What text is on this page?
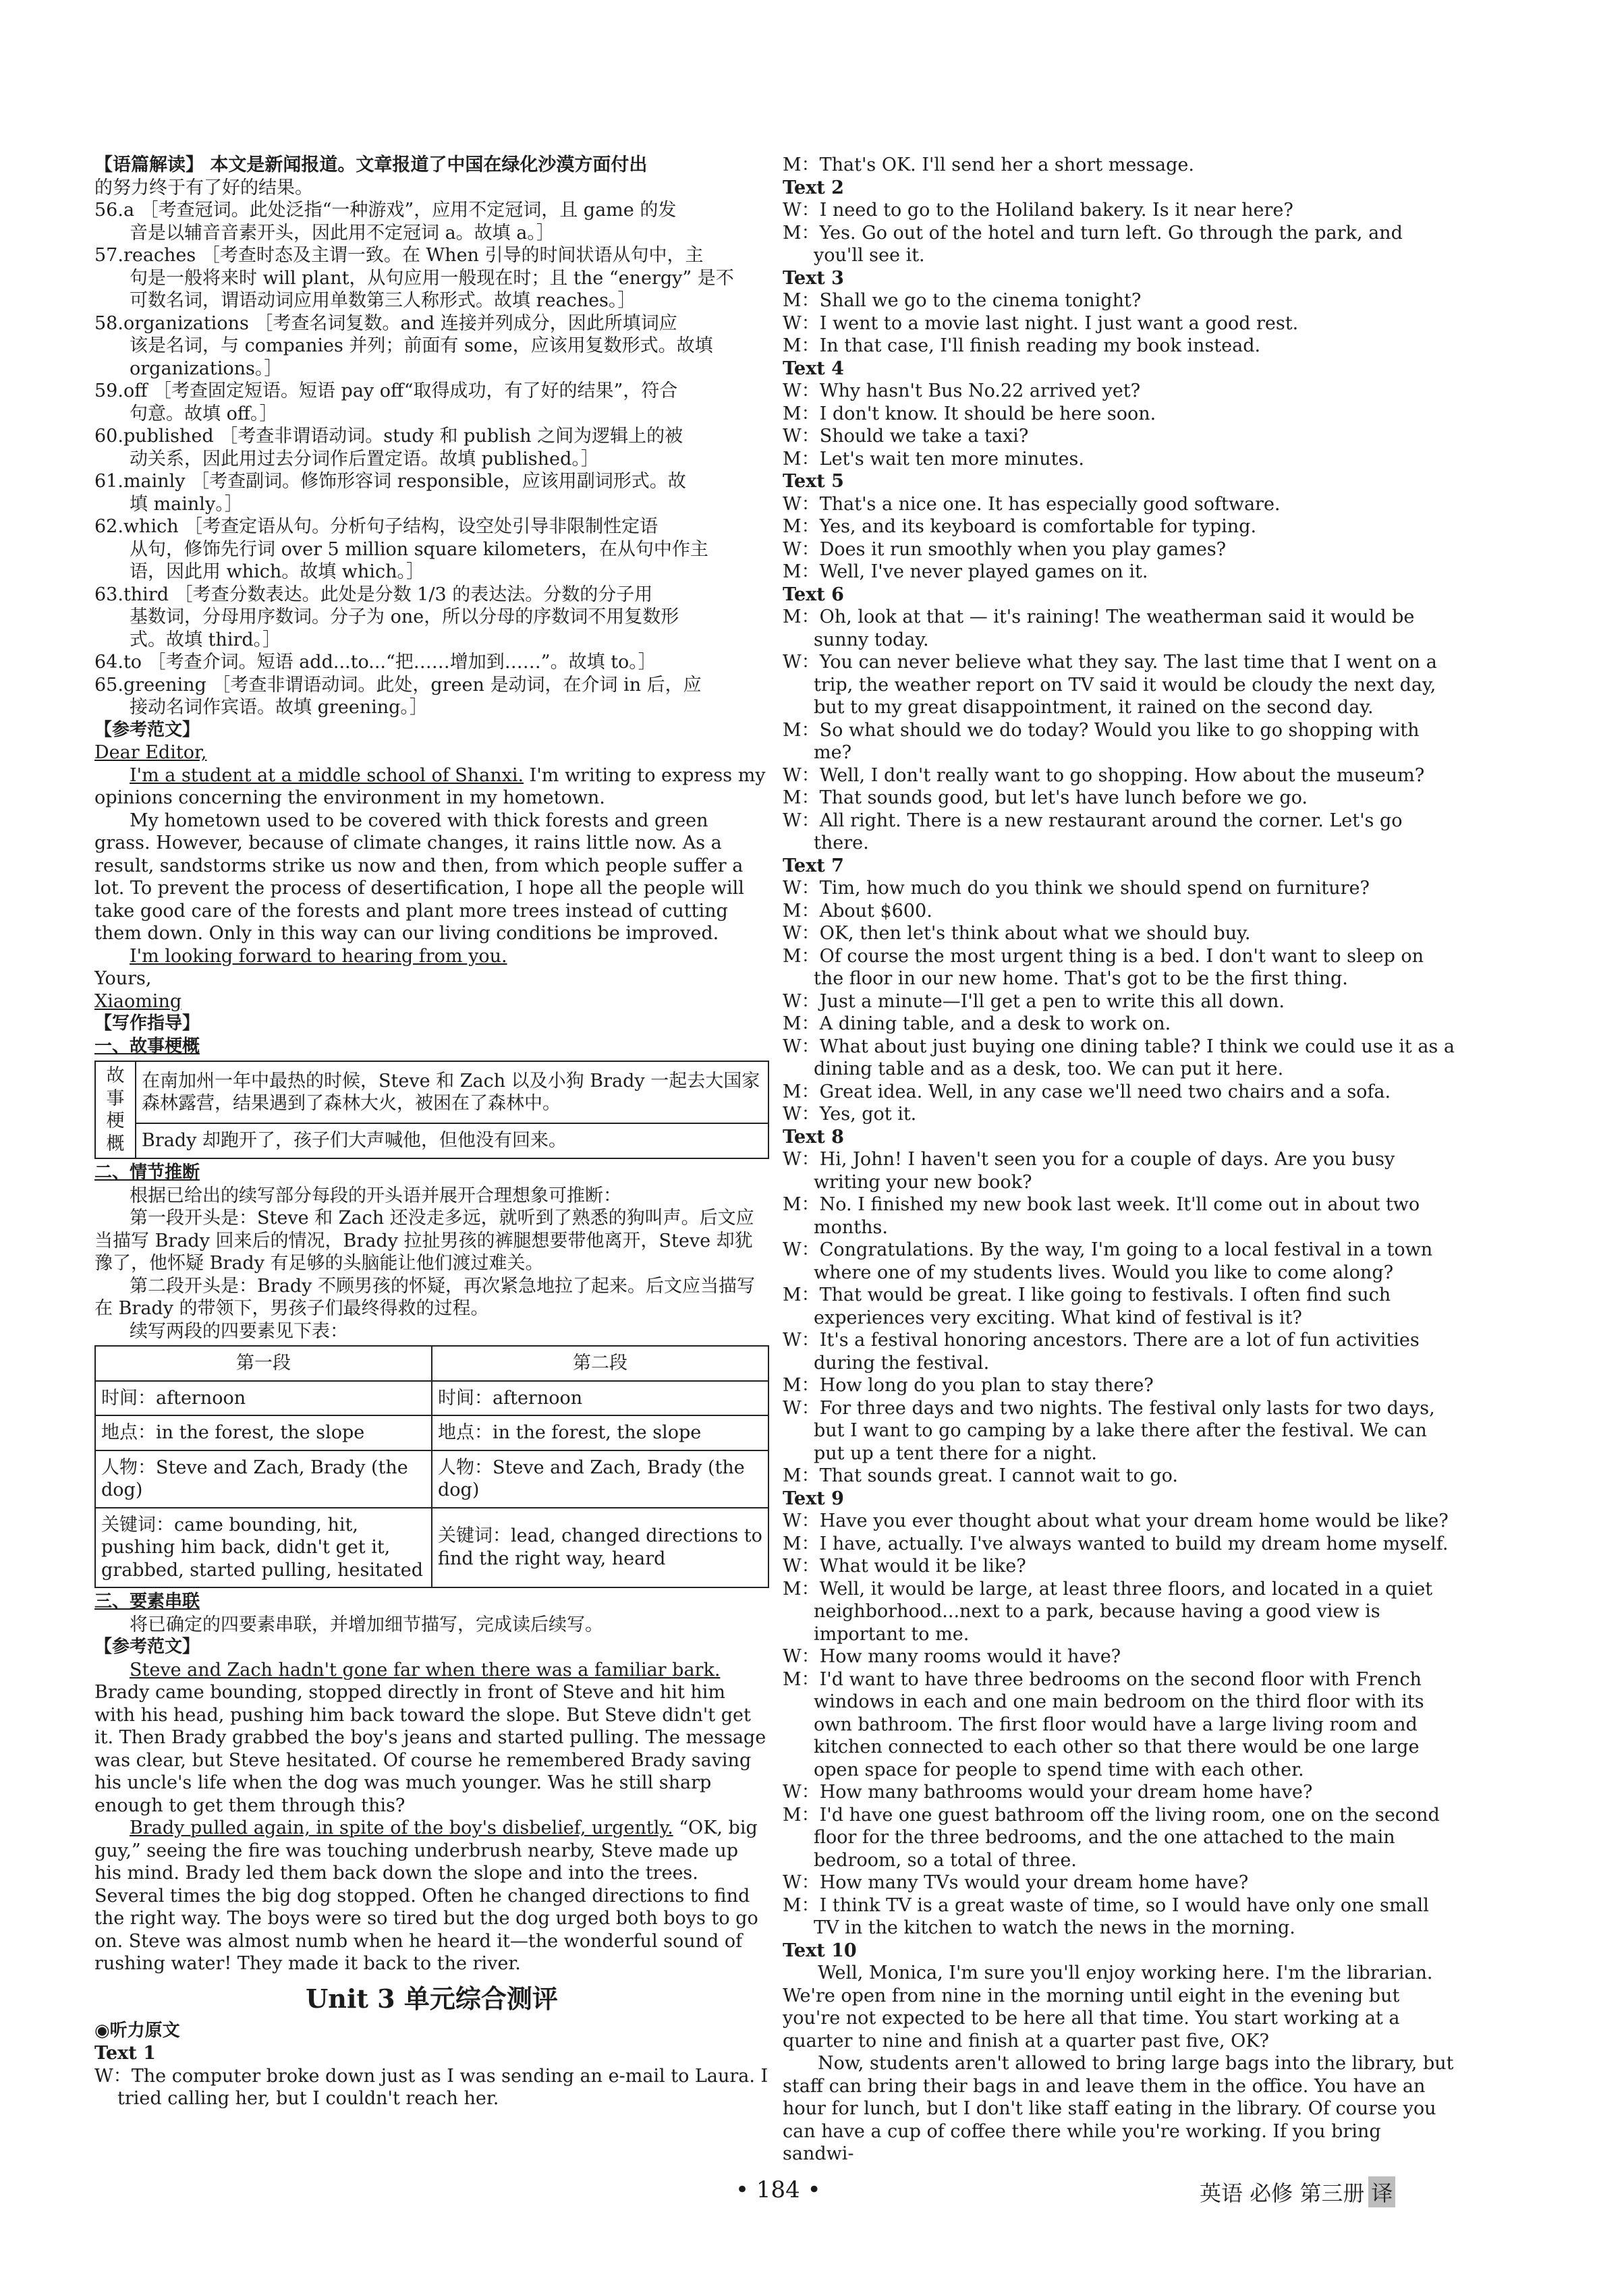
【语篇解读】 本文是新闻报道。文章报道了中国在绿化沙漠方面付出

的努力终于有了好的结果。

56.a ［考查冠词。此处泛指“一种游戏”，应用不定冠词，且 game 的发

音是以辅音音素开头，因此用不定冠词 a。故填 a。］

57.reaches ［考查时态及主谓一致。在 When 引导的时间状语从句中，主

句是一般将来时 will plant，从句应用一般现在时；且 the “energy” 是不

可数名词，谓语动词应用单数第三人称形式。故填 reaches。］

58.organizations ［考查名词复数。and 连接并列成分，因此所填词应

该是名词，与 companies 并列；前面有 some，应该用复数形式。故填

organizations。］

59.off ［考查固定短语。短语 pay off“取得成功，有了好的结果”，符合

句意。故填 off。］

60.published ［考查非谓语动词。study 和 publish 之间为逻辑上的被

动关系，因此用过去分词作后置定语。故填 published。］

61.mainly ［考查副词。修饰形容词 responsible，应该用副词形式。故

填 mainly。］

62.which ［考查定语从句。分析句子结构，设空处引导非限制性定语

从句，修饰先行词 over 5 million square kilometers，在从句中作主

语，因此用 which。故填 which。］

63.third ［考查分数表达。此处是分数 1/3 的表达法。分数的分子用

基数词，分母用序数词。分子为 one，所以分母的序数词不用复数形

式。故填 third。］

64.to ［考查介词。短语 add...to...“把……增加到……”。故填 to。］

65.greening ［考查非谓语动词。此处，green 是动词，在介词 in 后，应

接动名词作宾语。故填 greening。］

【参考范文】

Dear Editor,

I'm a student at a middle school of Shanxi. I'm writing to express my opinions concerning the environment in my hometown.

My hometown used to be covered with thick forests and green grass. However, because of climate changes, it rains little now. As a result, sandstorms strike us now and then, from which people suffer a lot. To prevent the process of desertification, I hope all the people will take good care of the forests and plant more trees instead of cutting them down. Only in this way can our living conditions be improved.

I'm looking forward to hearing from you.

Yours,

Xiaoming

【写作指导】

一、故事梗概

故事梗概	在南加州一年中最热的时候，Steve 和 Zach 以及小狗 Brady 一起去大国家森林露营，结果遇到了森林大火，被困在了森林中。
Brady 却跑开了，孩子们大声喊他，但他没有回来。

二、情节推断

根据已给出的续写部分每段的开头语并展开合理想象可推断：

第一段开头是：Steve 和 Zach 还没走多远，就听到了熟悉的狗叫声。后文应当描写 Brady 回来后的情况，Brady 拉扯男孩的裤腿想要带他离开，Steve 却犹豫了，他怀疑 Brady 有足够的头脑能让他们渡过难关。

第二段开头是：Brady 不顾男孩的怀疑，再次紧急地拉了起来。后文应当描写在 Brady 的带领下，男孩子们最终得救的过程。

续写两段的四要素见下表：

第一段	第二段
时间：afternoon	时间：afternoon
地点：in the forest, the slope	地点：in the forest, the slope
人物：Steve and Zach, Brady (the dog)	人物：Steve and Zach, Brady (the dog)
关键词：came bounding, hit, pushing him back, didn't get it, grabbed, started pulling, hesitated	关键词：lead, changed directions to find the right way, heard

三、要素串联

将已确定的四要素串联，并增加细节描写，完成读后续写。

【参考范文】

Steve and Zach hadn't gone far when there was a familiar bark. Brady came bounding, stopped directly in front of Steve and hit him with his head, pushing him back toward the slope. But Steve didn't get it. Then Brady grabbed the boy's jeans and started pulling. The message was clear, but Steve hesitated. Of course he remembered Brady saving his uncle's life when the dog was much younger. Was he still sharp enough to get them through this?

Brady pulled again, in spite of the boy's disbelief, urgently. “OK, big guy,” seeing the fire was touching underbrush nearby, Steve made up his mind. Brady led them back down the slope and into the trees. Several times the big dog stopped. Often he changed directions to find the right way. The boys were so tired but the dog urged both boys to go on. Steve was almost numb when he heard it—the wonderful sound of rushing water! They made it back to the river.

Unit 3 单元综合测评

◉听力原文

Text 1

W：The computer broke down just as I was sending an e-mail to Laura. I tried calling her, but I couldn't reach her.

M：That's OK. I'll send her a short message.

Text 2

W：I need to go to the Holiland bakery. Is it near here?

M：Yes. Go out of the hotel and turn left. Go through the park, and you'll see it.

Text 3

M：Shall we go to the cinema tonight?

W：I went to a movie last night. I just want a good rest.

M：In that case, I'll finish reading my book instead.

Text 4

W：Why hasn't Bus No.22 arrived yet?

M：I don't know. It should be here soon.

W：Should we take a taxi?

M：Let's wait ten more minutes.

Text 5

W：That's a nice one. It has especially good software.

M：Yes, and its keyboard is comfortable for typing.

W：Does it run smoothly when you play games?

M：Well, I've never played games on it.

Text 6

M：Oh, look at that — it's raining! The weatherman said it would be sunny today.

W：You can never believe what they say. The last time that I went on a trip, the weather report on TV said it would be cloudy the next day, but to my great disappointment, it rained on the second day.

M：So what should we do today? Would you like to go shopping with me?

W：Well, I don't really want to go shopping. How about the museum?

M：That sounds good, but let's have lunch before we go.

W：All right. There is a new restaurant around the corner. Let's go there.

Text 7

W：Tim, how much do you think we should spend on furniture?

M：About $600.

W：OK, then let's think about what we should buy.

M：Of course the most urgent thing is a bed. I don't want to sleep on the floor in our new home. That's got to be the first thing.

W：Just a minute—I'll get a pen to write this all down.

M：A dining table, and a desk to work on.

W：What about just buying one dining table? I think we could use it as a dining table and as a desk, too. We can put it here.

M：Great idea. Well, in any case we'll need two chairs and a sofa.

W：Yes, got it.

Text 8

W：Hi, John! I haven't seen you for a couple of days. Are you busy writing your new book?

M：No. I finished my new book last week. It'll come out in about two months.

W：Congratulations. By the way, I'm going to a local festival in a town where one of my students lives. Would you like to come along?

M：That would be great. I like going to festivals. I often find such experiences very exciting. What kind of festival is it?

W：It's a festival honoring ancestors. There are a lot of fun activities during the festival.

M：How long do you plan to stay there?

W：For three days and two nights. The festival only lasts for two days, but I want to go camping by a lake there after the festival. We can put up a tent there for a night.

M：That sounds great. I cannot wait to go.

Text 9

W：Have you ever thought about what your dream home would be like?

M：I have, actually. I've always wanted to build my dream home myself.

W：What would it be like?

M：Well, it would be large, at least three floors, and located in a quiet neighborhood...next to a park, because having a good view is important to me.

W：How many rooms would it have?

M：I'd want to have three bedrooms on the second floor with French windows in each and one main bedroom on the third floor with its own bathroom. The first floor would have a large living room and kitchen connected to each other so that there would be one large open space for people to spend time with each other.

W：How many bathrooms would your dream home have?

M：I'd have one guest bathroom off the living room, one on the second floor for the three bedrooms, and the one attached to the main bedroom, so a total of three.

W：How many TVs would your dream home have?

M：I think TV is a great waste of time, so I would have only one small TV in the kitchen to watch the news in the morning.

Text 10

Well, Monica, I'm sure you'll enjoy working here. I'm the librarian. We're open from nine in the morning until eight in the evening but you're not expected to be here all that time. You start working at a quarter to nine and finish at a quarter past five, OK?

Now, students aren't allowed to bring large bags into the library, but staff can bring their bags in and leave them in the office. You have an hour for lunch, but I don't like staff eating in the library. Of course you can have a cup of coffee there while you're working. If you bring sandwi-

• 184 •	英语 必修 第三册 译
